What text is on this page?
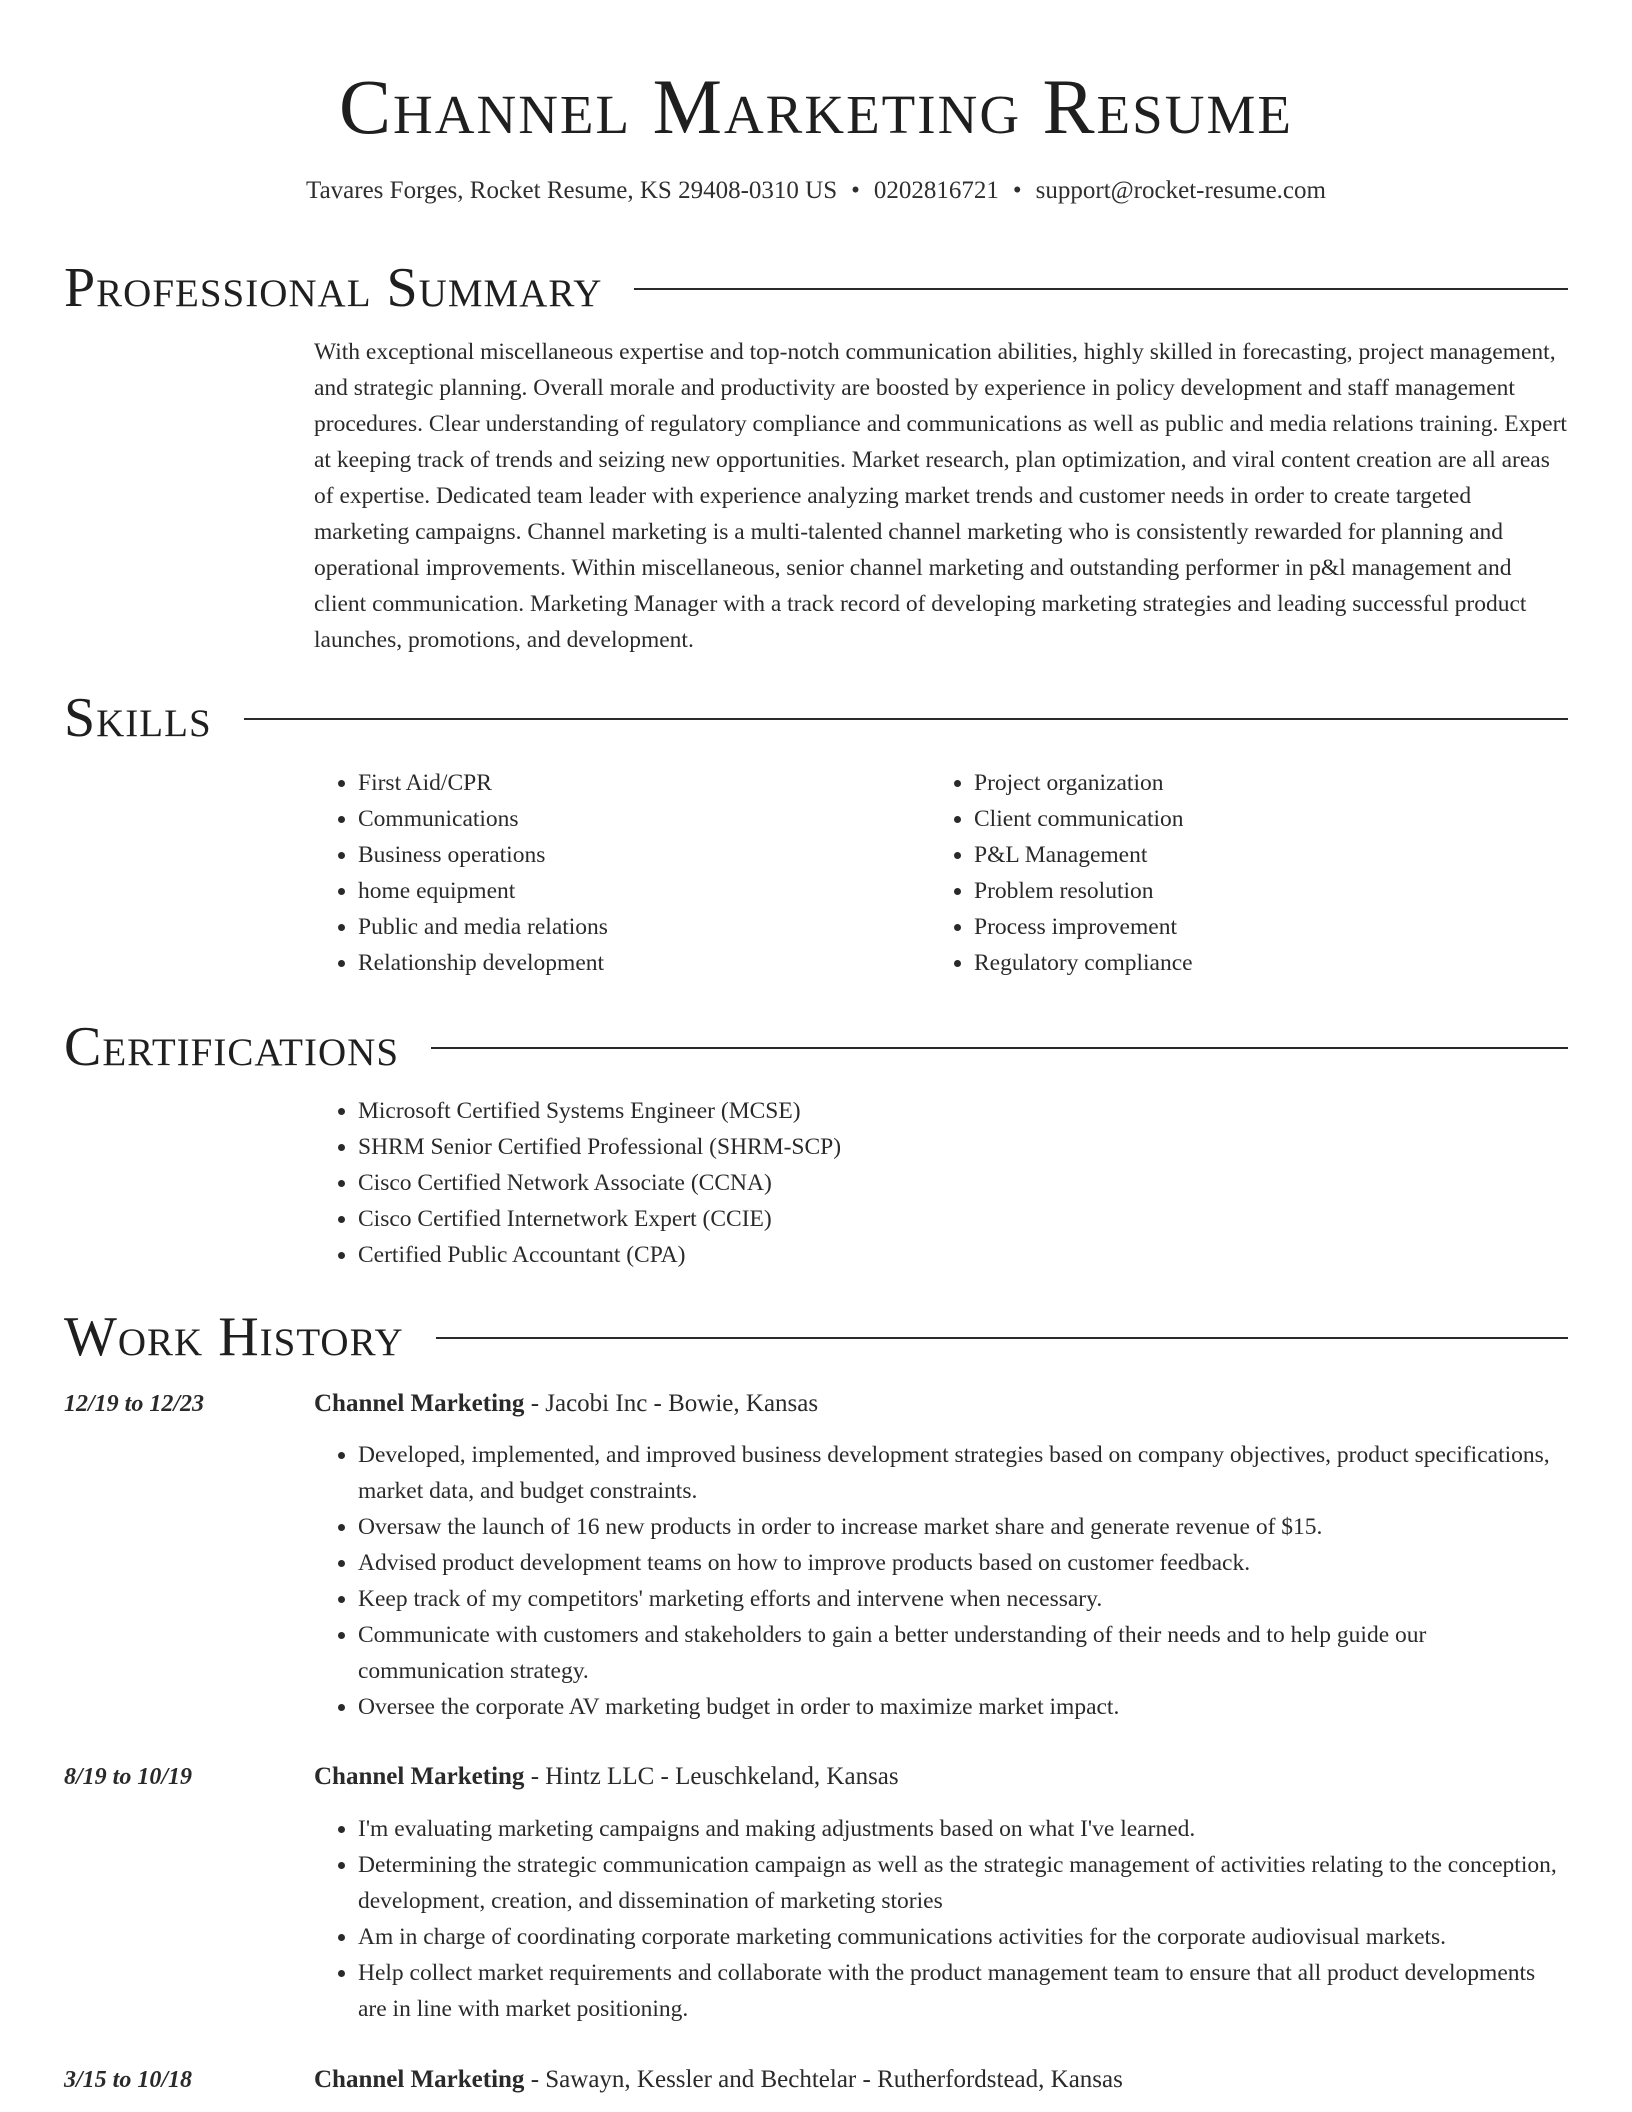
Channel Marketing Resume
Tavares Forges, Rocket Resume, KS 29408-0310 US • 0202816721 • support@rocket-resume.com
Professional Summary

With exceptional miscellaneous expertise and top-notch communication abilities, highly skilled in forecasting, project management, and strategic planning. Overall morale and productivity are boosted by experience in policy development and staff management procedures. Clear understanding of regulatory compliance and communications as well as public and media relations training. Expert at keeping track of trends and seizing new opportunities. Market research, plan optimization, and viral content creation are all areas of expertise. Dedicated team leader with experience analyzing market trends and customer needs in order to create targeted marketing campaigns. Channel marketing is a multi-talented channel marketing who is consistently rewarded for planning and operational improvements. Within miscellaneous, senior channel marketing and outstanding performer in p&l management and client communication. Marketing Manager with a track record of developing marketing strategies and leading successful product launches, promotions, and development.

Skills
• First Aid/CPR
• Communications
• Business operations
• home equipment
• Public and media relations
• Relationship development
• Project organization
• Client communication
• P&L Management
• Problem resolution
• Process improvement
• Regulatory compliance
Certifications
• Microsoft Certified Systems Engineer (MCSE)
• SHRM Senior Certified Professional (SHRM-SCP)
• Cisco Certified Network Associate (CCNA)
• Cisco Certified Internetwork Expert (CCIE)
• Certified Public Accountant (CPA)
Work History
12/19 to 12/23	Channel Marketing - Jacobi Inc - Bowie, Kansas
• Developed, implemented, and improved business development strategies based on company objectives, product specifications, market data, and budget constraints.
• Oversaw the launch of 16 new products in order to increase market share and generate revenue of $15.
• Advised product development teams on how to improve products based on customer feedback.
• Keep track of my competitors' marketing efforts and intervene when necessary.
• Communicate with customers and stakeholders to gain a better understanding of their needs and to help guide our communication strategy.
• Oversee the corporate AV marketing budget in order to maximize market impact.
8/19 to 10/19	Channel Marketing - Hintz LLC - Leuschkeland, Kansas
• I'm evaluating marketing campaigns and making adjustments based on what I've learned.
• Determining the strategic communication campaign as well as the strategic management of activities relating to the conception, development, creation, and dissemination of marketing stories
• Am in charge of coordinating corporate marketing communications activities for the corporate audiovisual markets.
• Help collect market requirements and collaborate with the product management team to ensure that all product developments are in line with market positioning.
3/15 to 10/18	Channel Marketing - Sawayn, Kessler and Bechtelar - Rutherfordstead, Kansas
